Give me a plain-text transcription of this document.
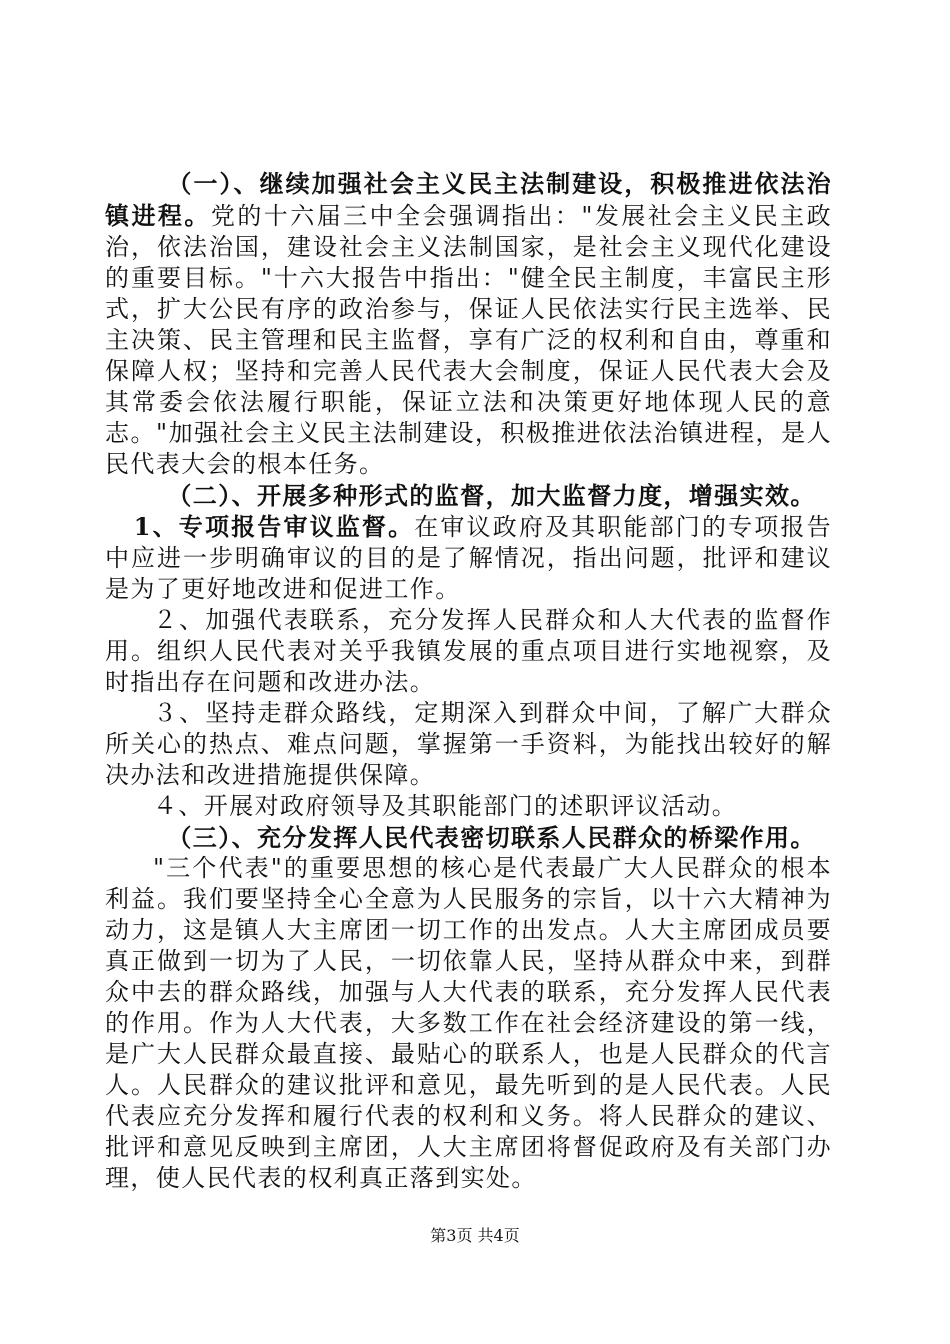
（一）、继续加强社会主义民主法制建设，积极推进依法治镇进程。党的十六届三中全会强调指出："发展社会主义民主政治，依法治国，建设社会主义法制国家，是社会主义现代化建设的重要目标。"十六大报告中指出："健全民主制度，丰富民主形式，扩大公民有序的政治参与，保证人民依法实行民主选举、民主决策、民主管理和民主监督，享有广泛的权利和自由，尊重和保障人权；坚持和完善人民代表大会制度，保证人民代表大会及其常委会依法履行职能，保证立法和决策更好地体现人民的意志。"加强社会主义民主法制建设，积极推进依法治镇进程，是人民代表大会的根本任务。

（二）、开展多种形式的监督，加大监督力度，增强实效。

1、专项报告审议监督。在审议政府及其职能部门的专项报告中应进一步明确审议的目的是了解情况，指出问题，批评和建议是为了更好地改进和促进工作。

２、加强代表联系，充分发挥人民群众和人大代表的监督作用。组织人民代表对关乎我镇发展的重点项目进行实地视察，及时指出存在问题和改进办法。

３、坚持走群众路线，定期深入到群众中间，了解广大群众所关心的热点、难点问题，掌握第一手资料，为能找出较好的解决办法和改进措施提供保障。

４、开展对政府领导及其职能部门的述职评议活动。

（三）、充分发挥人民代表密切联系人民群众的桥梁作用。

"三个代表"的重要思想的核心是代表最广大人民群众的根本利益。我们要坚持全心全意为人民服务的宗旨，以十六大精神为动力，这是镇人大主席团一切工作的出发点。人大主席团成员要真正做到一切为了人民，一切依靠人民，坚持从群众中来，到群众中去的群众路线，加强与人大代表的联系，充分发挥人民代表的作用。作为人大代表，大多数工作在社会经济建设的第一线，是广大人民群众最直接、最贴心的联系人，也是人民群众的代言人。人民群众的建议批评和意见，最先听到的是人民代表。人民代表应充分发挥和履行代表的权利和义务。将人民群众的建议、批评和意见反映到主席团，人大主席团将督促政府及有关部门办理，使人民代表的权利真正落到实处。

第3页 共4页
